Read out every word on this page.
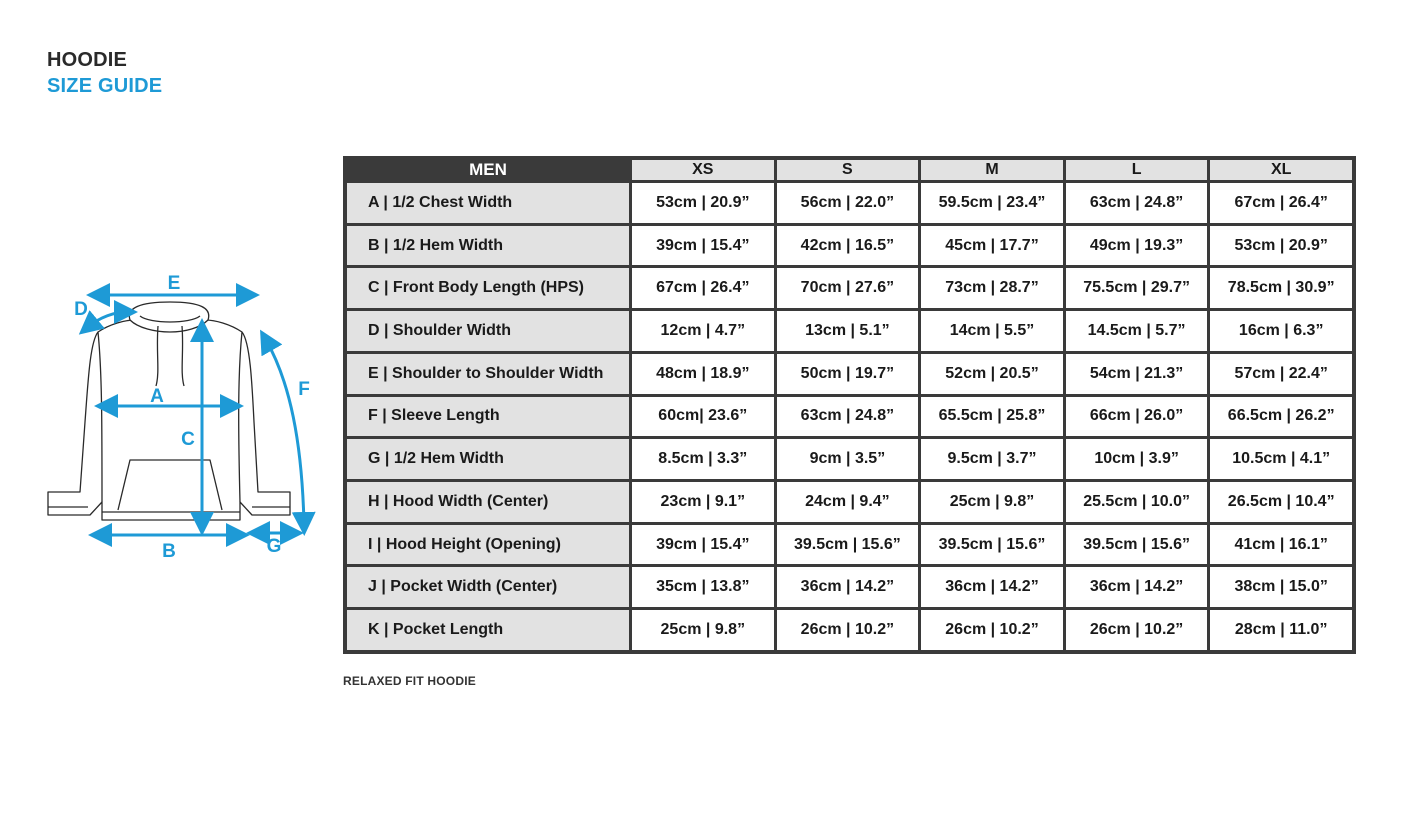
HOODIE
SIZE GUIDE
E
D
A
C
F
B	G
MEN	XS	S	M	L	XL
A | 1/2 Chest Width	53cm | 20.9”	56cm | 22.0”	59.5cm | 23.4”	63cm | 24.8”	67cm | 26.4”
B | 1/2 Hem Width	39cm | 15.4”	42cm | 16.5”	45cm | 17.7”	49cm | 19.3”	53cm | 20.9”
C | Front Body Length (HPS)	67cm | 26.4”	70cm | 27.6”	73cm | 28.7”	75.5cm | 29.7”	78.5cm | 30.9”
D | Shoulder Width	12cm | 4.7”	13cm | 5.1”	14cm | 5.5”	14.5cm | 5.7”	16cm | 6.3”
E | Shoulder to Shoulder Width	48cm | 18.9”	50cm | 19.7”	52cm | 20.5”	54cm | 21.3”	57cm | 22.4”
F | Sleeve Length	60cm| 23.6”	63cm | 24.8”	65.5cm | 25.8”	66cm | 26.0”	66.5cm | 26.2”
G | 1/2 Hem Width	8.5cm | 3.3”	9cm | 3.5”	9.5cm | 3.7”	10cm | 3.9”	10.5cm | 4.1”
H | Hood Width (Center)	23cm | 9.1”	24cm | 9.4”	25cm | 9.8”	25.5cm | 10.0”	26.5cm | 10.4”
I | Hood Height (Opening)	39cm | 15.4”	39.5cm | 15.6”	39.5cm | 15.6”	39.5cm | 15.6”	41cm | 16.1”
J | Pocket Width (Center)	35cm | 13.8”	36cm | 14.2”	36cm | 14.2”	36cm | 14.2”	38cm | 15.0”
K | Pocket Length	25cm | 9.8”	26cm | 10.2”	26cm | 10.2”	26cm | 10.2”	28cm | 11.0”
RELAXED FIT HOODIE
